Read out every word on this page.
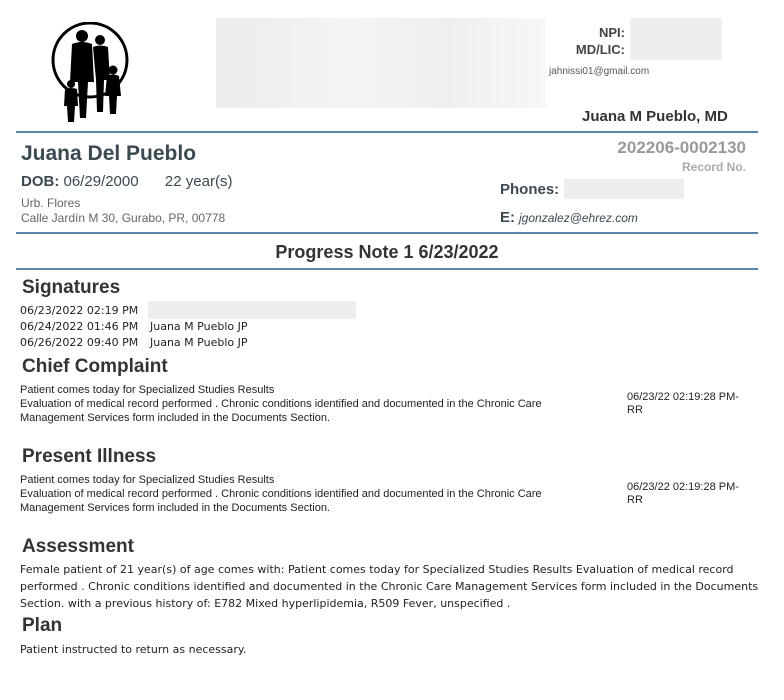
NPI:
MD/LIC:
jahnissi01@gmail.com
Juana M Pueblo, MD
Juana Del Pueblo
DOB: 06/29/2000 22 year(s)
Urb. Flores
Calle Jardín M 30, Gurabo, PR, 00778
202206-0002130
Record No.
Phones:
E: jgonzalez@ehrez.com
Progress Note 1 6/23/2022
Signatures
06/23/2022 02:19 PM
06/24/2022 01:46 PM Juana M Pueblo JP
06/26/2022 09:40 PM Juana M Pueblo JP
Chief Complaint
Patient comes today for Specialized Studies Results
Evaluation of medical record performed . Chronic conditions identified and documented in the Chronic Care
Management Services form included in the Documents Section.
06/23/22 02:19:28 PM-
RR
Present Illness
Patient comes today for Specialized Studies Results
Evaluation of medical record performed . Chronic conditions identified and documented in the Chronic Care
Management Services form included in the Documents Section.
06/23/22 02:19:28 PM-
RR
Assessment
Female patient of 21 year(s) of age comes with: Patient comes today for Specialized Studies Results Evaluation of medical record
performed . Chronic conditions identified and documented in the Chronic Care Management Services form included in the Documents
Section. with a previous history of: E782 Mixed hyperlipidemia, R509 Fever, unspecified .
Plan
Patient instructed to return as necessary.
